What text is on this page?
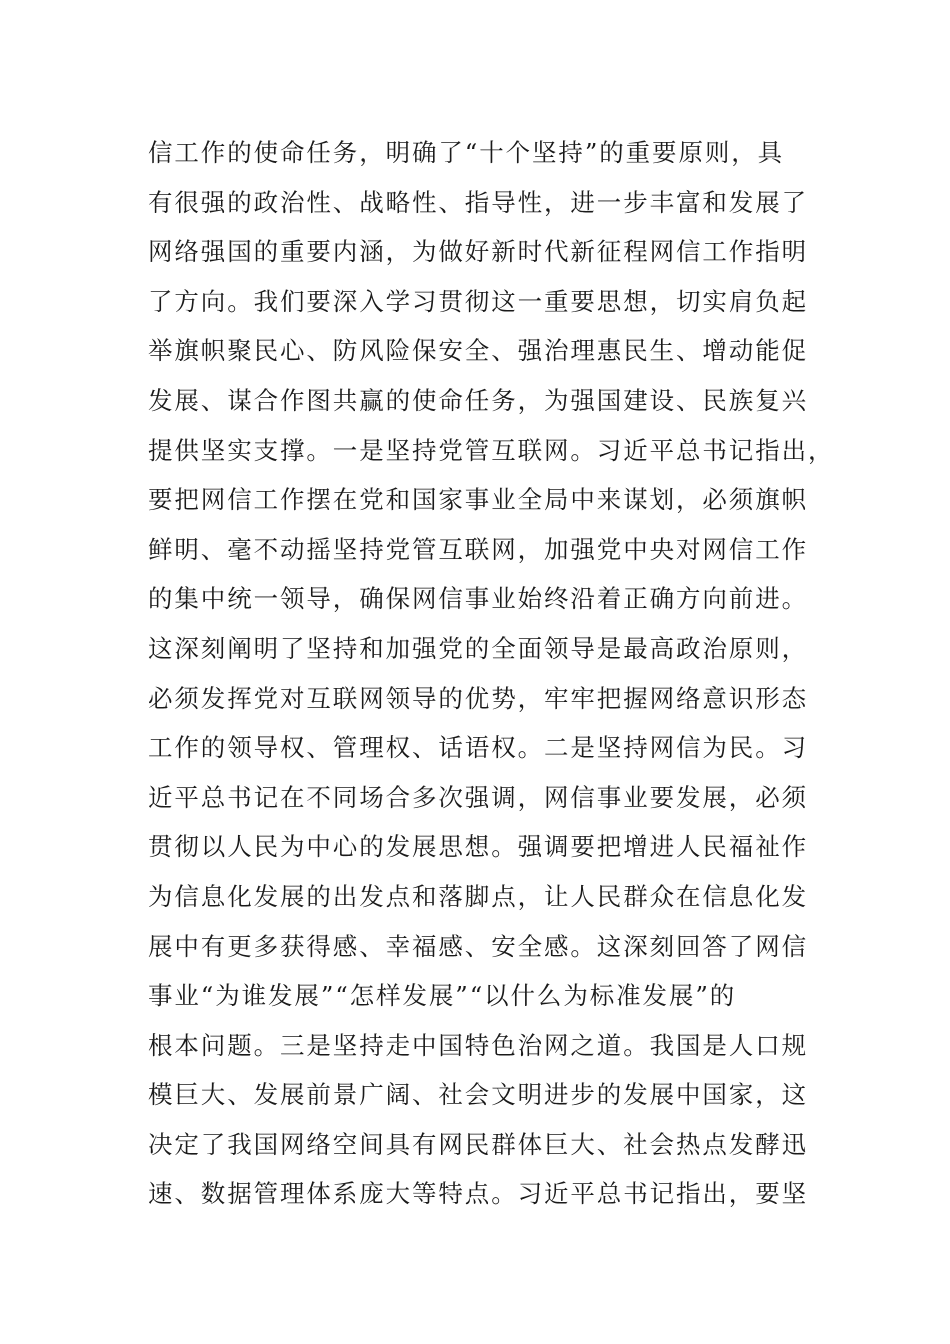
信工作的使命任务，明确了“十个坚持”的重要原则，具
有很强的政治性、战略性、指导性，进一步丰富和发展了
网络强国的重要内涵，为做好新时代新征程网信工作指明
了方向。我们要深入学习贯彻这一重要思想，切实肩负起
举旗帜聚民心、防风险保安全、强治理惠民生、增动能促
发展、谋合作图共赢的使命任务，为强国建设、民族复兴
提供坚实支撑。一是坚持党管互联网。习近平总书记指出，
要把网信工作摆在党和国家事业全局中来谋划，必须旗帜
鲜明、毫不动摇坚持党管互联网，加强党中央对网信工作
的集中统一领导，确保网信事业始终沿着正确方向前进。
这深刻阐明了坚持和加强党的全面领导是最高政治原则，
必须发挥党对互联网领导的优势，牢牢把握网络意识形态
工作的领导权、管理权、话语权。二是坚持网信为民。习
近平总书记在不同场合多次强调，网信事业要发展，必须
贯彻以人民为中心的发展思想。强调要把增进人民福祉作
为信息化发展的出发点和落脚点，让人民群众在信息化发
展中有更多获得感、幸福感、安全感。这深刻回答了网信
事业“为谁发展”“怎样发展”“以什么为标准发展”的
根本问题。三是坚持走中国特色治网之道。我国是人口规
模巨大、发展前景广阔、社会文明进步的发展中国家，这
决定了我国网络空间具有网民群体巨大、社会热点发酵迅
速、数据管理体系庞大等特点。习近平总书记指出，要坚
